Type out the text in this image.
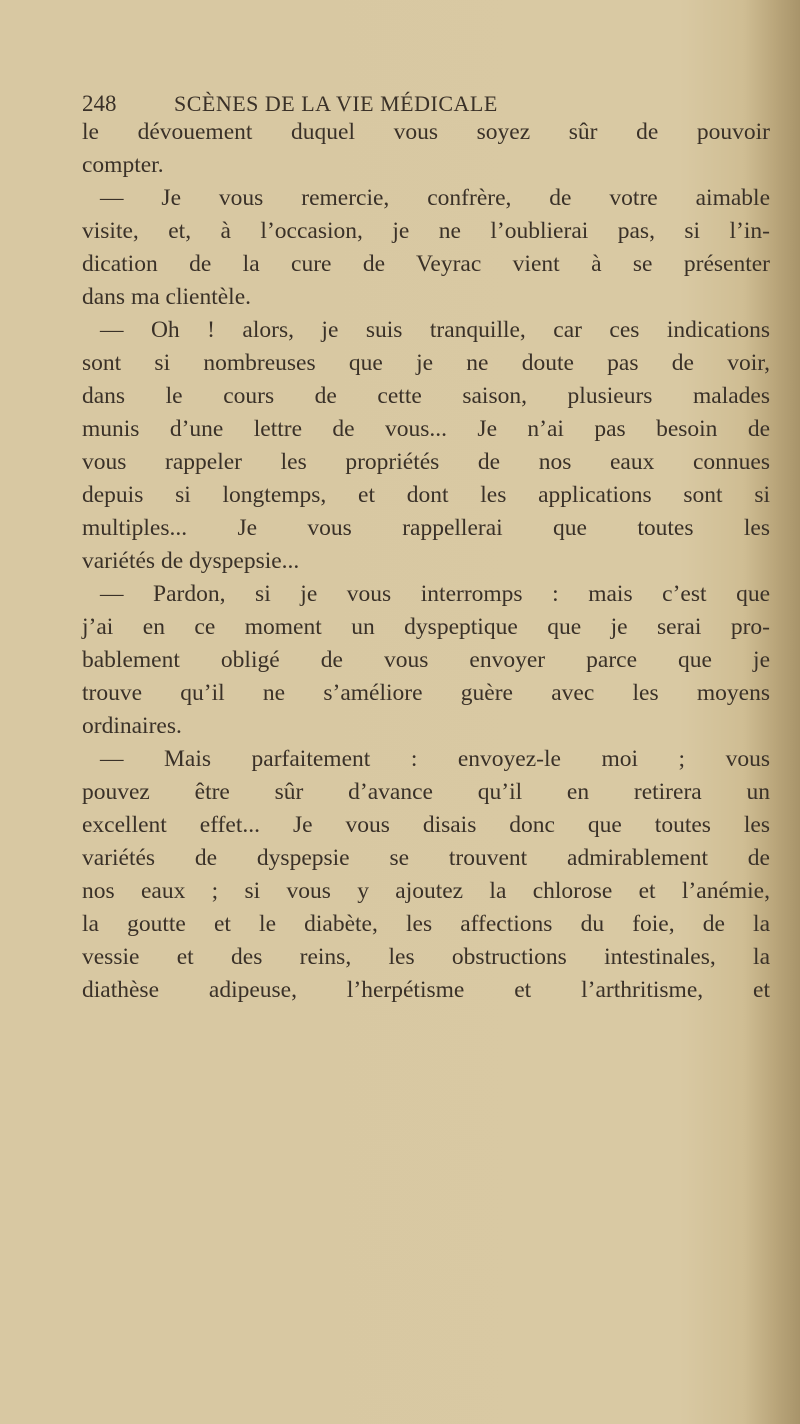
248	SCÈNES DE LA VIE MÉDICALE
le dévouement duquel vous soyez sûr de pouvoir
compter.
— Je vous remercie, confrère, de votre aimable
visite, et, à l’occasion, je ne l’oublierai pas, si l’in-
dication de la cure de Veyrac vient à se présenter
dans ma clientèle.
— Oh ! alors, je suis tranquille, car ces indications
sont si nombreuses que je ne doute pas de voir,
dans le cours de cette saison, plusieurs malades
munis d’une lettre de vous... Je n’ai pas besoin de
vous rappeler les propriétés de nos eaux connues
depuis si longtemps, et dont les applications sont si
multiples... Je vous rappellerai que toutes les
variétés de dyspepsie...
— Pardon, si je vous interromps : mais c’est que
j’ai en ce moment un dyspeptique que je serai pro-
bablement obligé de vous envoyer parce que je
trouve qu’il ne s’améliore guère avec les moyens
ordinaires.
— Mais parfaitement : envoyez-le moi ; vous
pouvez être sûr d’avance qu’il en retirera un
excellent effet... Je vous disais donc que toutes les
variétés de dyspepsie se trouvent admirablement de
nos eaux ; si vous y ajoutez la chlorose et l’anémie,
la goutte et le diabète, les affections du foie, de la
vessie et des reins, les obstructions intestinales, la
diathèse adipeuse, l’herpétisme et l’arthritisme, et
